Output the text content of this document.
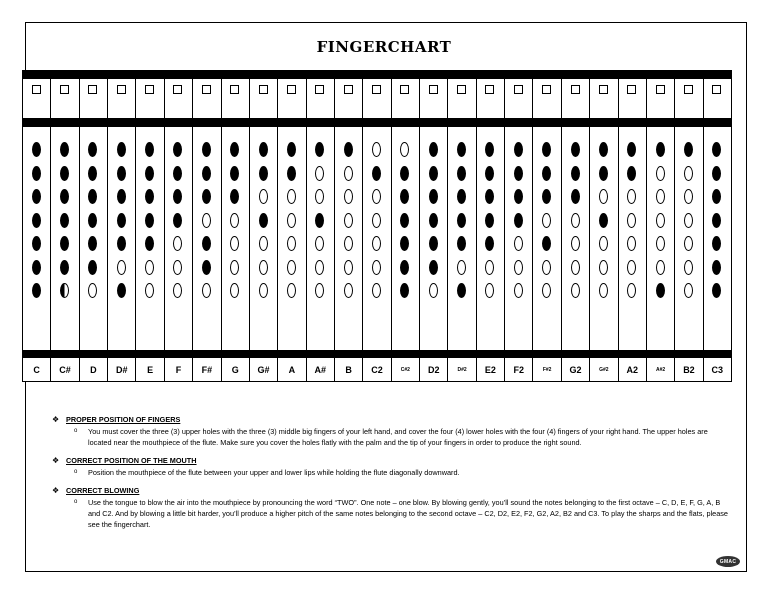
FINGERCHART
C	C#	D	D#	E	F	F#	G	G#	A	A#	B	C2	C#2	D2	D#2	E2	F2	F#2	G2	G#2	A2	A#2	B2	C3
❖ PROPER POSITION OF FINGERS
o	You must cover the three (3) upper holes with the three (3) middle big fingers of your left hand, and cover the four (4) lower holes with the four (4) fingers of your right hand. The upper holes are located near the mouthpiece of the flute. Make sure you cover the holes flatly with the palm and the tip of your fingers in order to produce the right sound.
❖ CORRECT POSITION OF THE MOUTH
o	Position the mouthpiece of the flute between your upper and lower lips while holding the flute diagonally downward.
❖ CORRECT BLOWING
o	Use the tongue to blow the air into the mouthpiece by pronouncing the word “TWO”. One note – one blow. By blowing gently, you’ll sound the notes belonging to the first octave – C, D, E, F, G, A, B and C2. And by blowing a little bit harder, you’ll produce a higher pitch of the same notes belonging to the second octave – C2, D2, E2, F2, G2, A2, B2 and C3. To play the sharps and the flats, please see the fingerchart.
GMAC
